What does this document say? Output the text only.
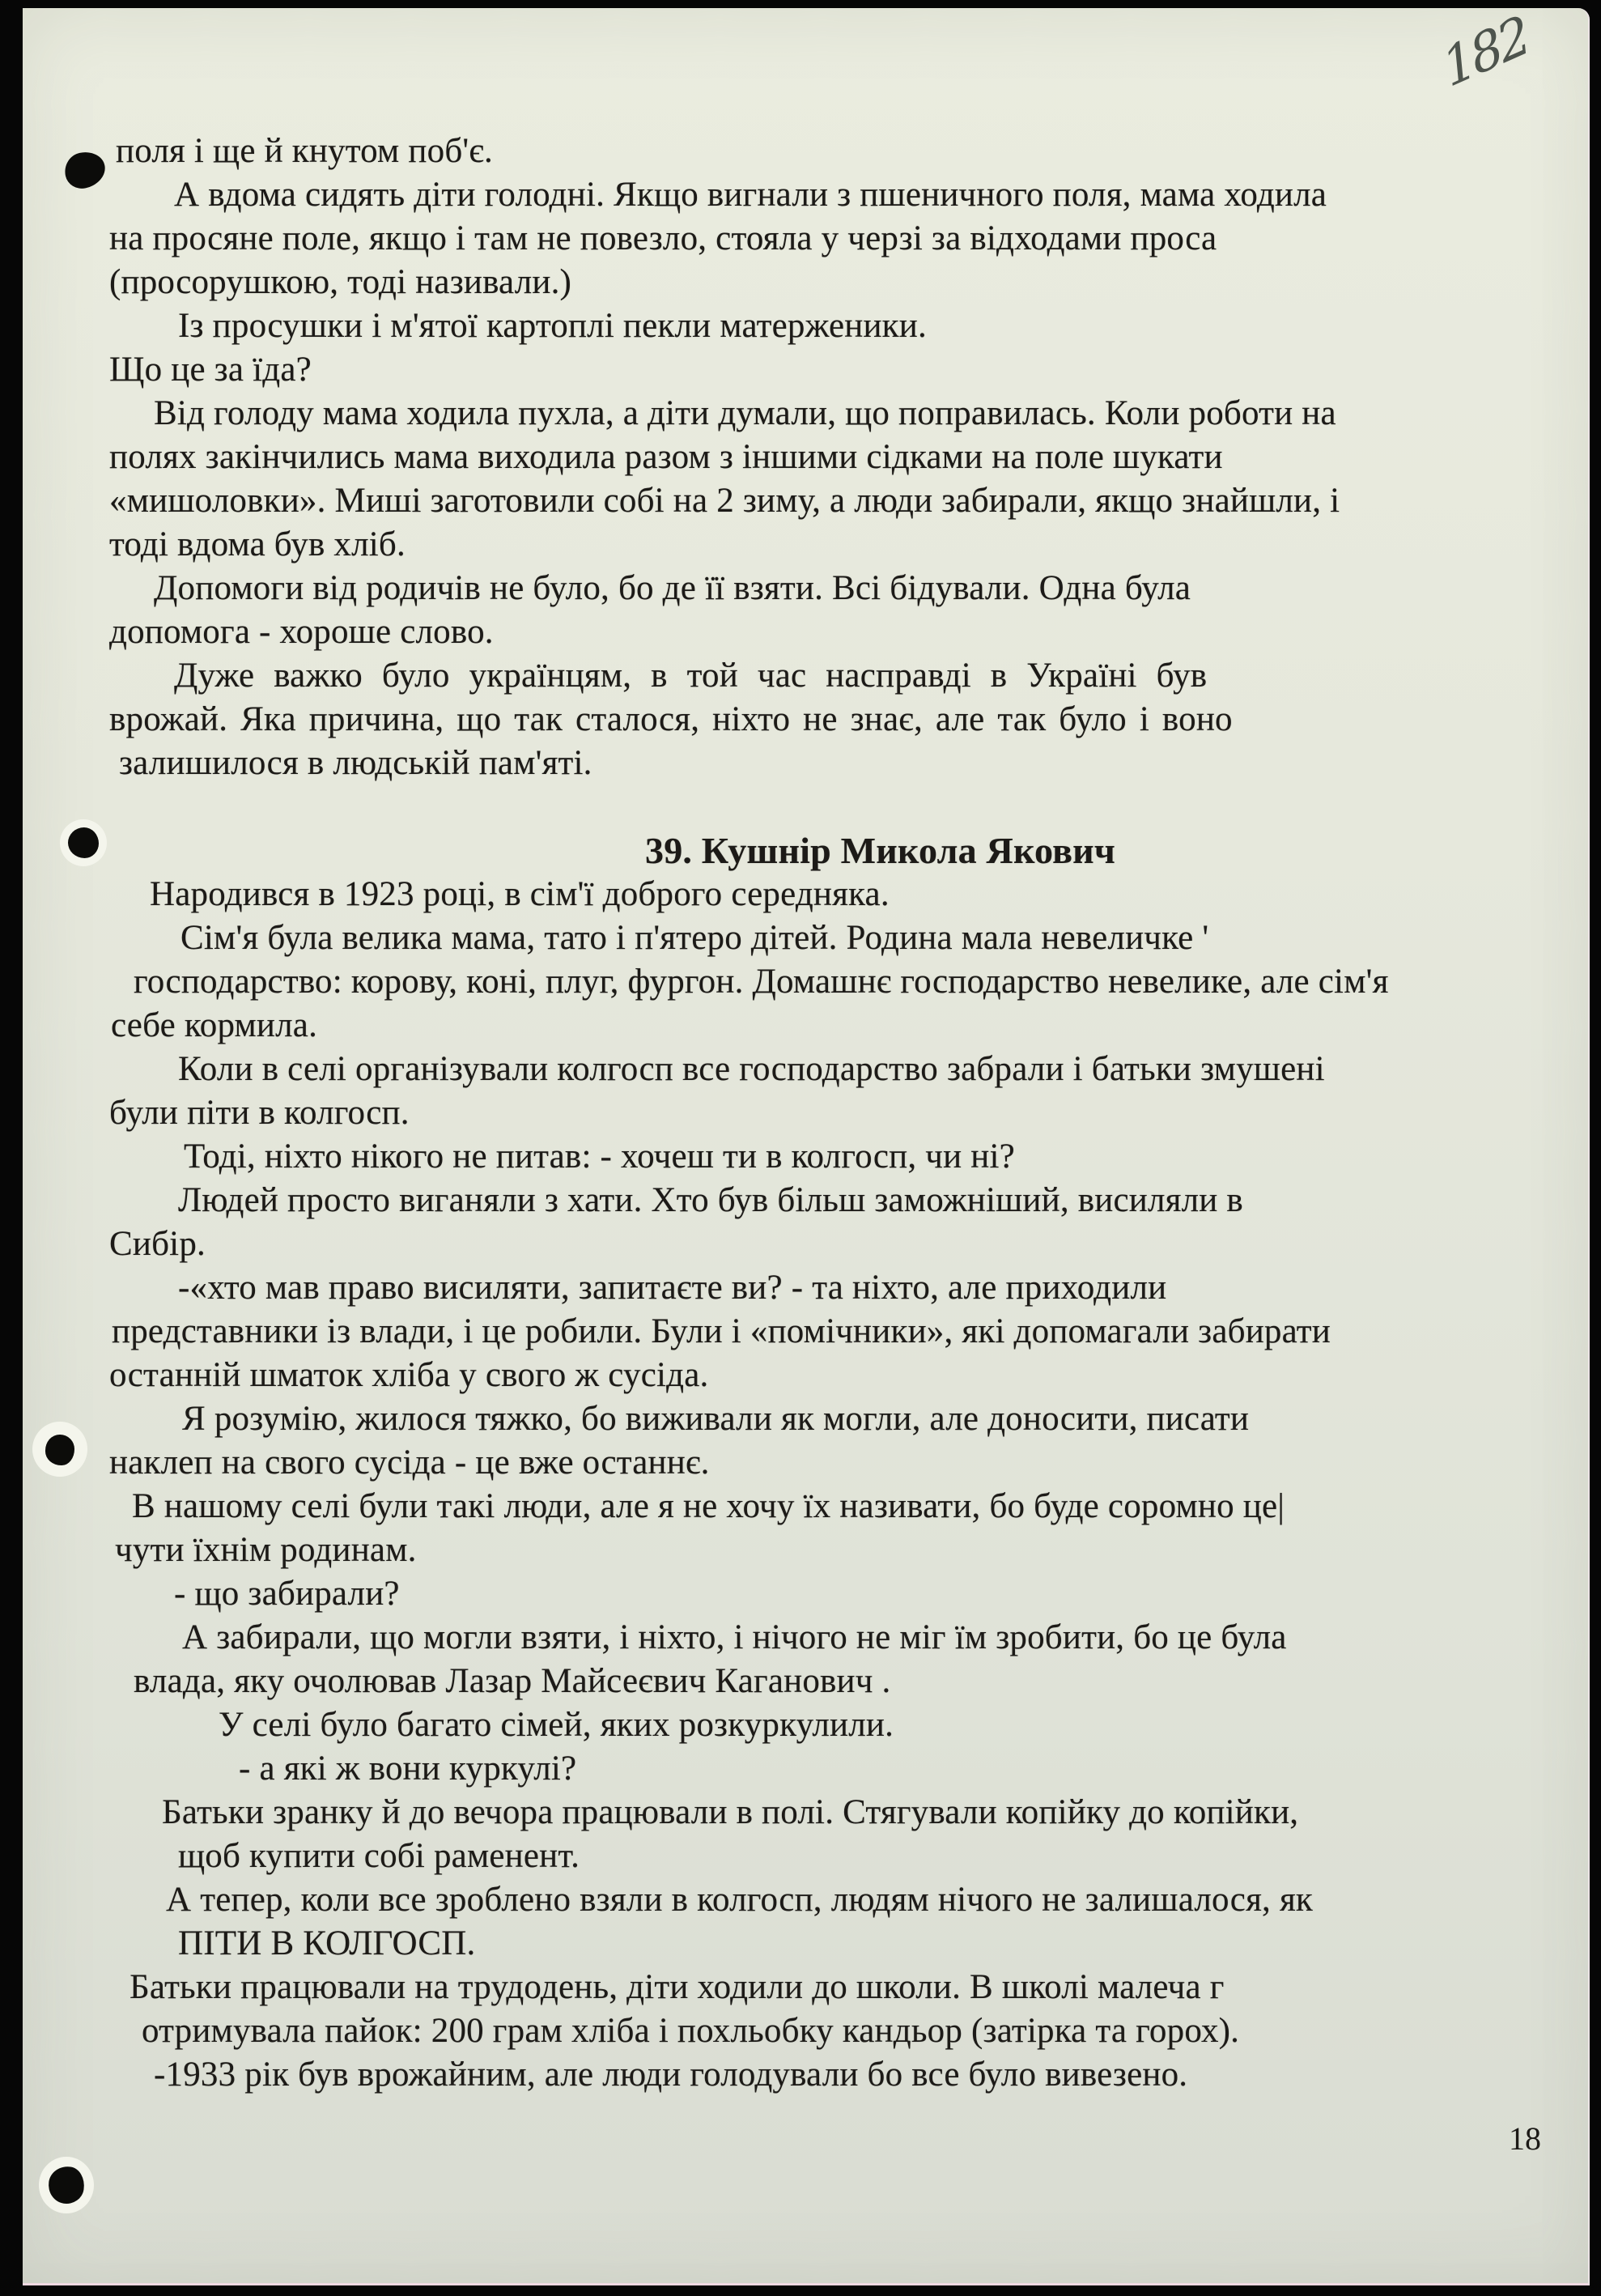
182
поля і ще й кнутом поб'є.
А вдома сидять діти голодні. Якщо вигнали з пшеничного поля, мама ходила
на просяне поле, якщо і там не повезло, стояла у черзі за відходами проса
(просорушкою, тоді називали.)
Із просушки і м'ятої картоплі пекли матерженики.
Що це за їда?
Від голоду мама ходила пухла, а діти думали, що поправилась. Коли роботи на
полях закінчились мама виходила разом з іншими сідками на поле шукати
«мишоловки». Миші заготовили собі на 2 зиму, а люди забирали, якщо знайшли, і
тоді вдома був хліб.
Допомоги від родичів не було, бо де її взяти. Всі бідували. Одна була
допомога - хороше слово.
Дуже важко було українцям, в той час насправді в Україні був
врожай. Яка причина, що так сталося, ніхто не знає, але так було і воно
залишилося в людській пам'яті.
39. Кушнір Микола Якович
Народився в 1923 році, в сім'ї доброго середняка.
Сім'я була велика мама, тато і п'ятеро дітей. Родина мала невеличке '
господарство: корову, коні, плуг, фургон. Домашнє господарство невелике, але сім'я
себе кормила.
Коли в селі організували колгосп все господарство забрали і батьки змушені
були піти в колгосп.
Тоді, ніхто нікого не питав: - хочеш ти в колгосп, чи ні?
Людей просто виганяли з хати. Хто був більш заможніший, висиляли в
Сибір.
-«хто мав право висиляти, запитаєте ви? - та ніхто, але приходили
представники із влади, і це робили. Були і «помічники», які допомагали забирати
останній шматок хліба у свого ж сусіда.
Я розумію, жилося тяжко, бо виживали як могли, але доносити, писати
наклеп на свого сусіда - це вже останнє.
В нашому селі були такі люди, але я не хочу їх називати, бо буде соромно це|
чути їхнім родинам.
- що забирали?
А забирали, що могли взяти, і ніхто, і нічого не міг їм зробити, бо це була
влада, яку очолював Лазар Майсеєвич Каганович .
У селі було багато сімей, яких розкуркулили.
- а які ж вони куркулі?
Батьки зранку й до вечора працювали в полі. Стягували копійку до копійки,
щоб купити собі раменент.
А тепер, коли все зроблено взяли в колгосп, людям нічого не залишалося, як
ПІТИ В КОЛГОСП.
Батьки працювали на трудодень, діти ходили до школи. В школі малеча г
отримувала пайок: 200 грам хліба і похльобку кандьор (затірка та горох).
-1933 рік був врожайним, але люди голодували бо все було вивезено.
18
